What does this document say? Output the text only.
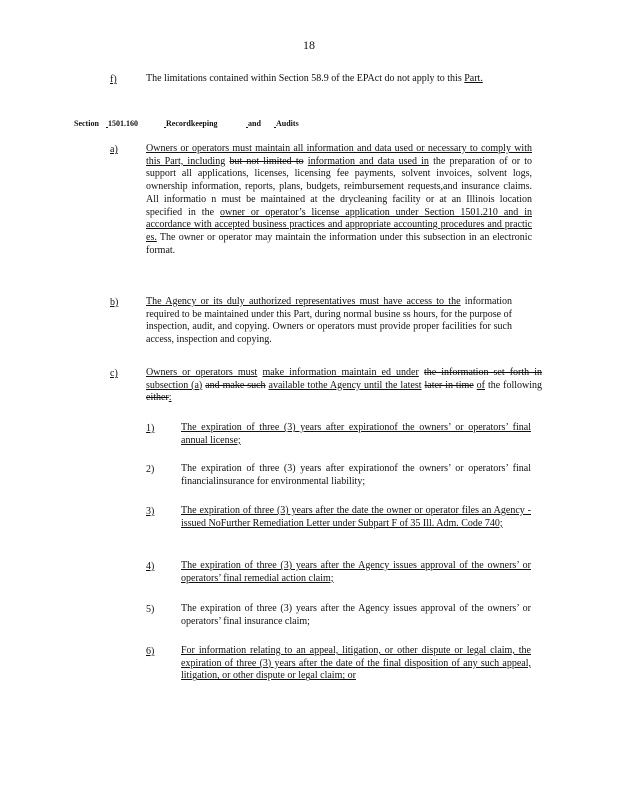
18
f)	The limitations contained within Section 58.9 of the EPAct do not apply to this Part.
Section 1501.160	Recordkeeping	and Audits
a)	Owners or operators must maintain all information and data used or necessary to comply with this Part, including but not limited to information and data used in the preparation of or to support all applications, licenses, licensing fee payments, solvent invoices, solvent logs, ownership information, reports, plans, budgets, reimbursement requests,and insurance claims. All informatio n must be maintained at the drycleaning facility or at an Illinois location specified in the owner or operator’s license application under Section 1501.210 and in accordance with accepted business practices and appropriate accounting procedures and practic es. The owner or operator may maintain the information under this subsection in an electronic format.
b)	The Agency or its duly authorized representatives must have access to the information required to be maintained under this Part, during normal busine ss hours, for the purpose of inspection, audit, and copying. Owners or operators must provide proper facilities for such access, inspection and copying.
c)	Owners or operators must make information maintain ed under the information set forth in subsection (a) and make such available tothe Agency until the latest later in time of the following either:
1)	The expiration of three (3) years after expirationof the owners’ or operators’ final annual license;
2)	The expiration of three (3) years after expirationof the owners’ or operators’ final financialinsurance for environmental liability;
3)	The expiration of three (3) years after the date the owner or operator files an Agency -issued NoFurther Remediation Letter under Subpart F of 35 Ill. Adm. Code 740;
4)	The expiration of three (3) years after the Agency issues approval of the owners’ or operators’ final remedial action claim;
5)	The expiration of three (3) years after the Agency issues approval of the owners’ or operators’ final insurance claim;
6)	For information relating to an appeal, litigation, or other dispute or legal claim, the expiration of three (3) years after the date of the final disposition of any such appeal, litigation, or other dispute or legal claim; or
